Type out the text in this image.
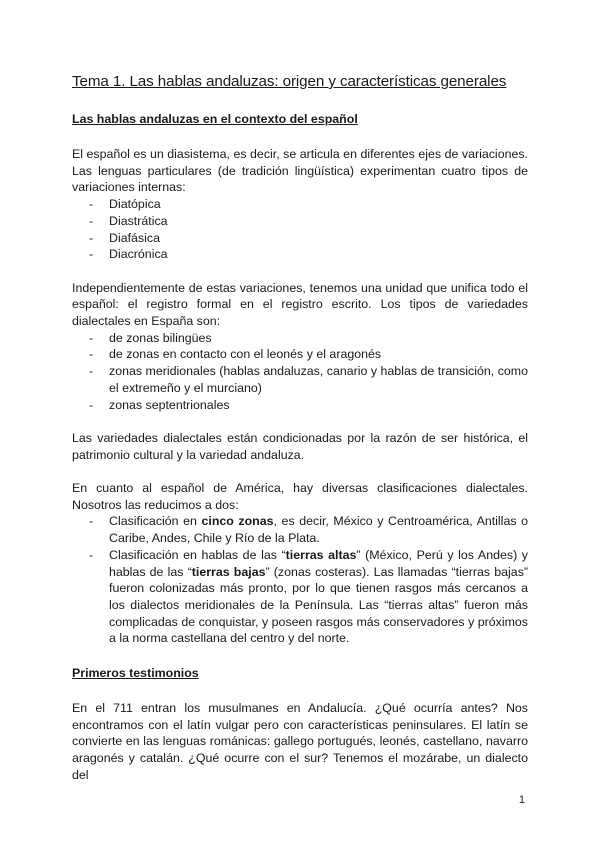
Tema 1. Las hablas andaluzas: origen y características generales
Las hablas andaluzas en el contexto del español

El español es un diasistema, es decir, se articula en diferentes ejes de variaciones. Las lenguas particulares (de tradición lingüística) experimentan cuatro tipos de variaciones internas:

- Diatópica
- Diastrática
- Diafásica
- Diacrónica

Independientemente de estas variaciones, tenemos una unidad que unifica todo el español: el registro formal en el registro escrito. Los tipos de variedades dialectales en España son:

- de zonas bilingües
- de zonas en contacto con el leonés y el aragonés
- zonas meridionales (hablas andaluzas, canario y hablas de transición, como el extremeño y el murciano)
- zonas septentrionales

Las variedades dialectales están condicionadas por la razón de ser histórica, el patrimonio cultural y la variedad andaluza.

En cuanto al español de América, hay diversas clasificaciones dialectales. Nosotros las reducimos a dos:

- Clasificación en cinco zonas, es decir, México y Centroamérica, Antillas o Caribe, Andes, Chile y Río de la Plata.
- Clasificación en hablas de las “tierras altas” (México, Perú y los Andes) y hablas de las “tierras bajas” (zonas costeras). Las llamadas “tierras bajas” fueron colonizadas más pronto, por lo que tienen rasgos más cercanos a los dialectos meridionales de la Península. Las “tierras altas” fueron más complicadas de conquistar, y poseen rasgos más conservadores y próximos a la norma castellana del centro y del norte.
Primeros testimonios

En el 711 entran los musulmanes en Andalucía. ¿Qué ocurría antes? Nos encontramos con el latín vulgar pero con características peninsulares. El latín se convierte en las lenguas románicas: gallego portugués, leonés, castellano, navarro aragonés y catalán. ¿Qué ocurre con el sur? Tenemos el mozárabe, un dialecto del

1
